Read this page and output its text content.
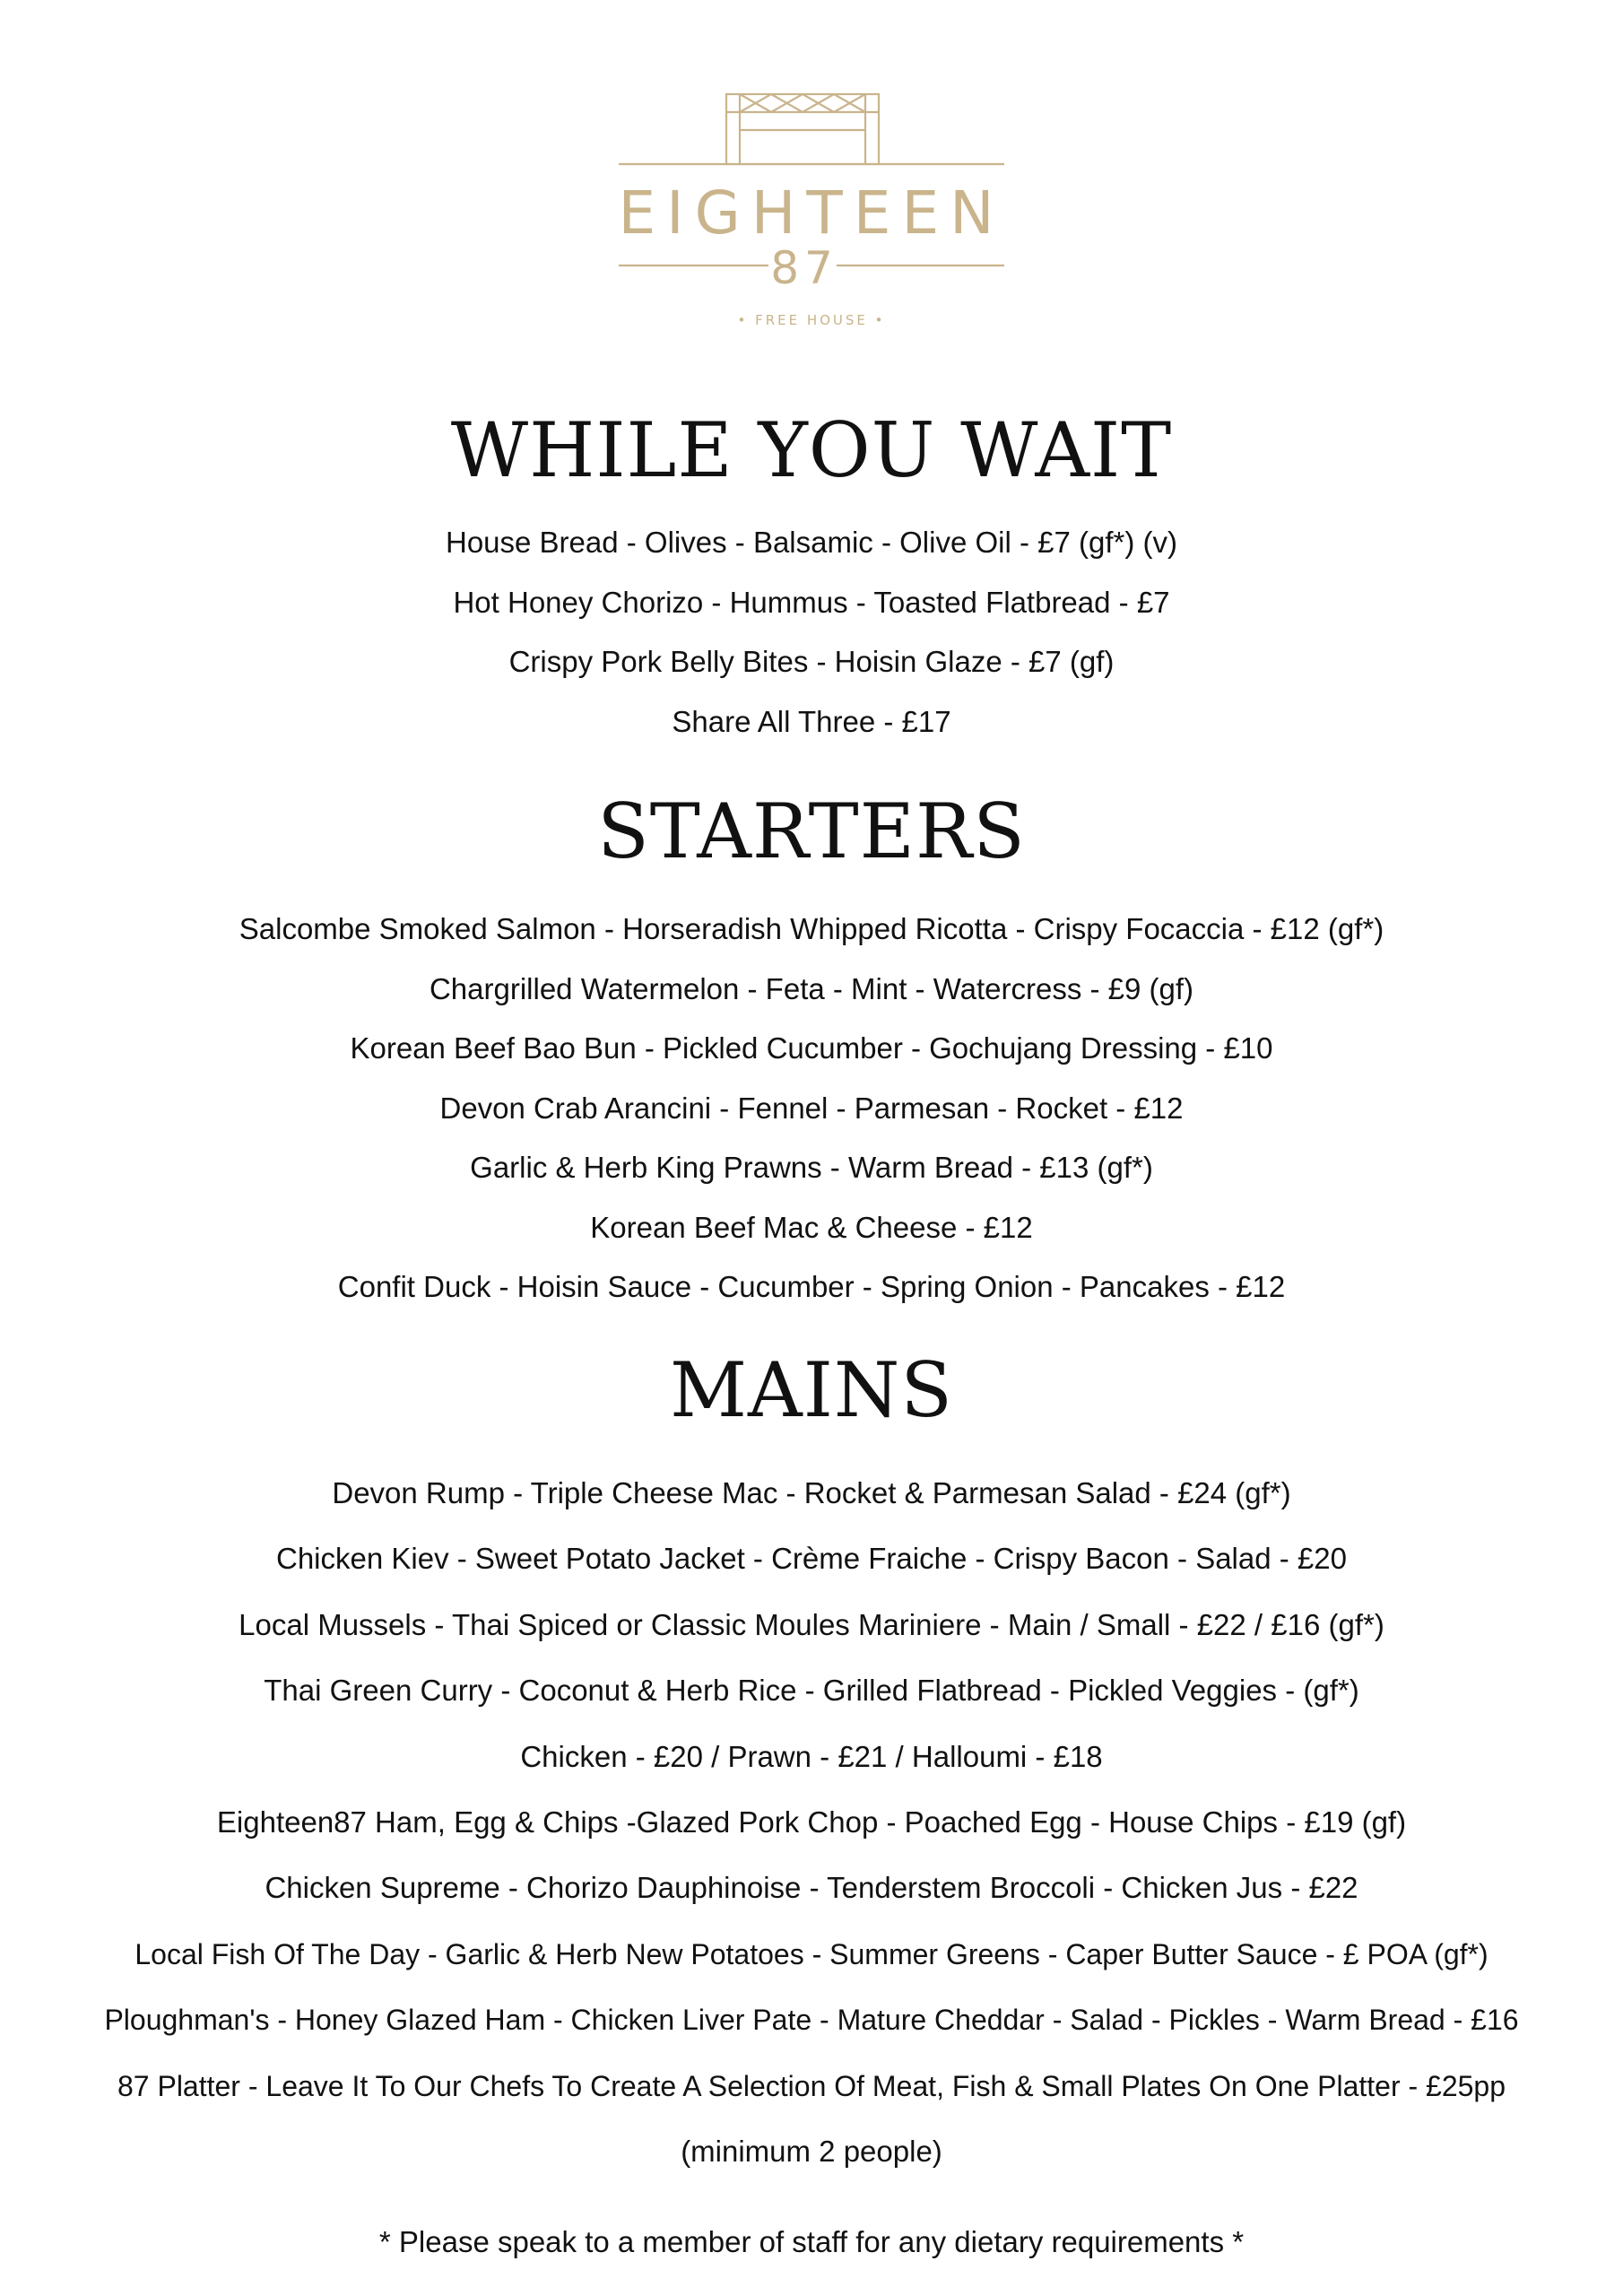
EIGHTEEN
87
• FREE HOUSE •
WHILE YOU WAIT
House Bread - Olives - Balsamic - Olive Oil - £7 (gf*) (v)
Hot Honey Chorizo - Hummus - Toasted Flatbread - £7
Crispy Pork Belly Bites - Hoisin Glaze - £7 (gf)
Share All Three - £17
STARTERS
Salcombe Smoked Salmon - Horseradish Whipped Ricotta - Crispy Focaccia - £12 (gf*)
Chargrilled Watermelon - Feta - Mint - Watercress - £9 (gf)
Korean Beef Bao Bun - Pickled Cucumber - Gochujang Dressing - £10
Devon Crab Arancini - Fennel - Parmesan - Rocket - £12
Garlic & Herb King Prawns - Warm Bread - £13 (gf*)
Korean Beef Mac & Cheese - £12
Confit Duck - Hoisin Sauce - Cucumber - Spring Onion - Pancakes - £12
MAINS
Devon Rump - Triple Cheese Mac - Rocket & Parmesan Salad - £24 (gf*)
Chicken Kiev - Sweet Potato Jacket - Crème Fraiche - Crispy Bacon - Salad - £20
Local Mussels - Thai Spiced or Classic Moules Mariniere - Main / Small - £22 / £16 (gf*)
Thai Green Curry - Coconut & Herb Rice - Grilled Flatbread - Pickled Veggies - (gf*)
Chicken - £20 / Prawn - £21 / Halloumi - £18
Eighteen87 Ham, Egg & Chips -Glazed Pork Chop - Poached Egg - House Chips - £19 (gf)
Chicken Supreme - Chorizo Dauphinoise - Tenderstem Broccoli - Chicken Jus - £22
Local Fish Of The Day - Garlic & Herb New Potatoes - Summer Greens - Caper Butter Sauce - £ POA (gf*)
Ploughman's - Honey Glazed Ham - Chicken Liver Pate - Mature Cheddar - Salad - Pickles - Warm Bread - £16
87 Platter - Leave It To Our Chefs To Create A Selection Of Meat, Fish & Small Plates On One Platter - £25pp
(minimum 2 people)
* Please speak to a member of staff for any dietary requirements *
